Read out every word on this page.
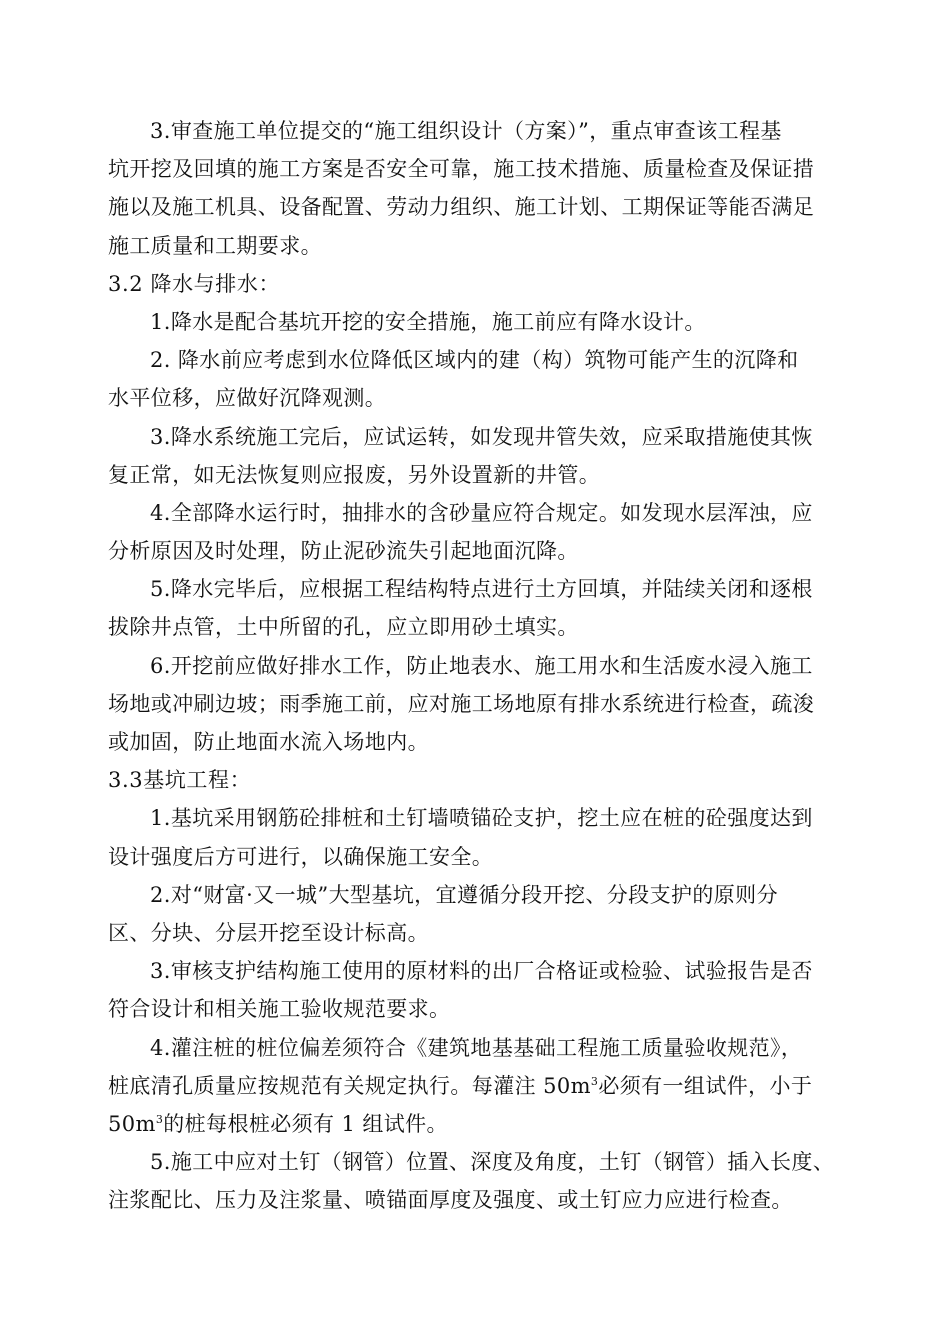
3.审查施工单位提交的“施工组织设计（方案）”，重点审查该工程基
坑开挖及回填的施工方案是否安全可靠，施工技术措施、质量检查及保证措
施以及施工机具、设备配置、劳动力组织、施工计划、工期保证等能否满足
施工质量和工期要求。
3.2 降水与排水：
1.降水是配合基坑开挖的安全措施，施工前应有降水设计。
2. 降水前应考虑到水位降低区域内的建（构）筑物可能产生的沉降和
水平位移，应做好沉降观测。
3.降水系统施工完后，应试运转，如发现井管失效，应采取措施使其恢
复正常，如无法恢复则应报废，另外设置新的井管。
4.全部降水运行时，抽排水的含砂量应符合规定。如发现水层浑浊，应
分析原因及时处理，防止泥砂流失引起地面沉降。
5.降水完毕后，应根据工程结构特点进行土方回填，并陆续关闭和逐根
拔除井点管，土中所留的孔，应立即用砂土填实。
6.开挖前应做好排水工作，防止地表水、施工用水和生活废水浸入施工
场地或冲刷边坡；雨季施工前，应对施工场地原有排水系统进行检查，疏浚
或加固，防止地面水流入场地内。
3.3基坑工程：
1.基坑采用钢筋砼排桩和土钉墙喷锚砼支护，挖土应在桩的砼强度达到
设计强度后方可进行，以确保施工安全。
2.对“财富·又一城”大型基坑，宜遵循分段开挖、分段支护的原则分
区、分块、分层开挖至设计标高。
3.审核支护结构施工使用的原材料的出厂合格证或检验、试验报告是否
符合设计和相关施工验收规范要求。
4.灌注桩的桩位偏差须符合《建筑地基基础工程施工质量验收规范》，
桩底清孔质量应按规范有关规定执行。每灌注 $50m^3$必须有一组试件，小于
$50m^3$的桩每根桩必须有 1 组试件。
5.施工中应对土钉（钢管）位置、深度及角度，土钉（钢管）插入长度、
注浆配比、压力及注浆量、喷锚面厚度及强度、或土钉应力应进行检查。
